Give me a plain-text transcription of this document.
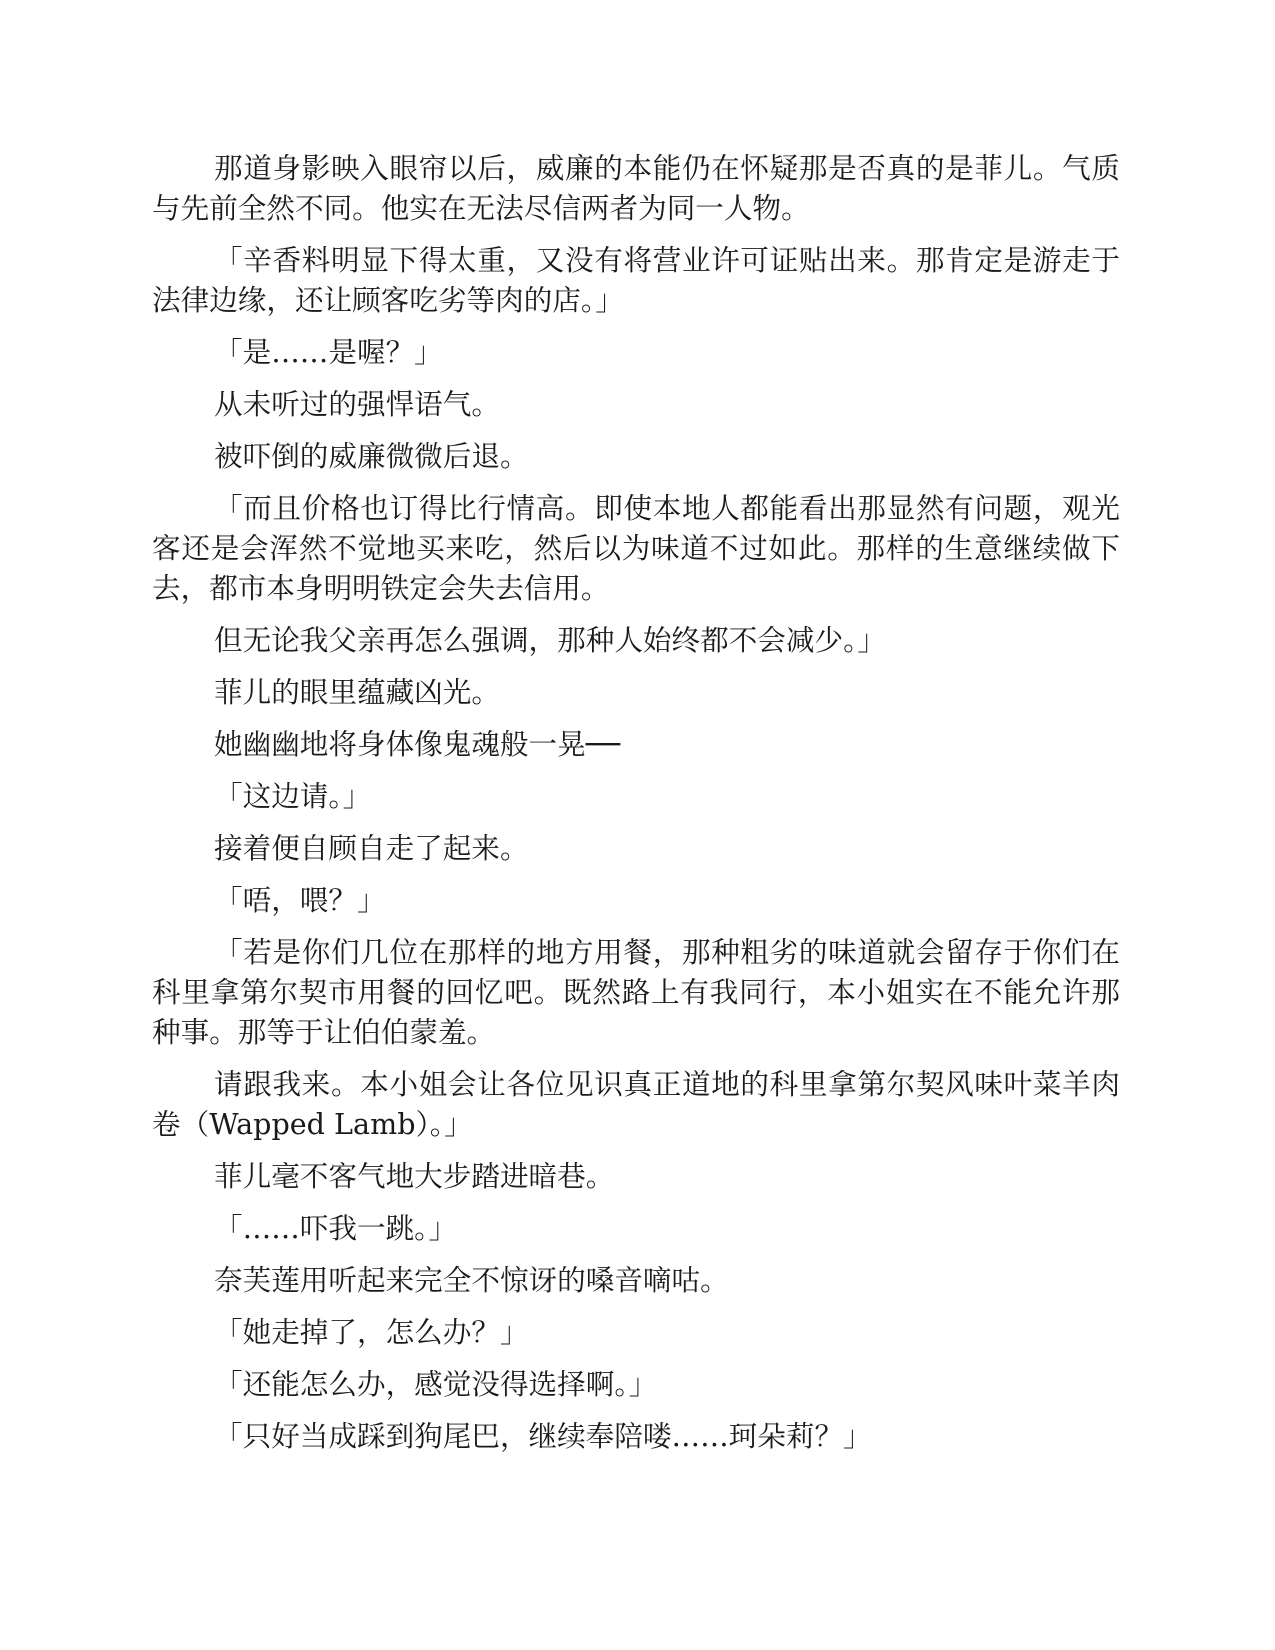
那道身影映入眼帘以后，威廉的本能仍在怀疑那是否真的是菲儿。气质与先前全然不同。他实在无法尽信两者为同一人物。

「辛香料明显下得太重，又没有将营业许可证贴出来。那肯定是游走于法律边缘，还让顾客吃劣等肉的店。」

「是……是喔？」

从未听过的强悍语气。

被吓倒的威廉微微后退。

「而且价格也订得比行情高。即使本地人都能看出那显然有问题，观光客还是会浑然不觉地买来吃，然后以为味道不过如此。那样的生意继续做下去，都市本身明明铁定会失去信用。

但无论我父亲再怎么强调，那种人始终都不会减少。」

菲儿的眼里蕴藏凶光。

她幽幽地将身体像鬼魂般一晃──

「这边请。」

接着便自顾自走了起来。

「唔，喂？」

「若是你们几位在那样的地方用餐，那种粗劣的味道就会留存于你们在科里拿第尔契市用餐的回忆吧。既然路上有我同行，本小姐实在不能允许那种事。那等于让伯伯蒙羞。

请跟我来。本小姐会让各位见识真正道地的科里拿第尔契风味叶菜羊肉卷（Wapped Lamb）。」

菲儿毫不客气地大步踏进暗巷。

「……吓我一跳。」

奈芙莲用听起来完全不惊讶的嗓音嘀咕。

「她走掉了，怎么办？」

「还能怎么办，感觉没得选择啊。」

「只好当成踩到狗尾巴，继续奉陪喽……珂朵莉？」
